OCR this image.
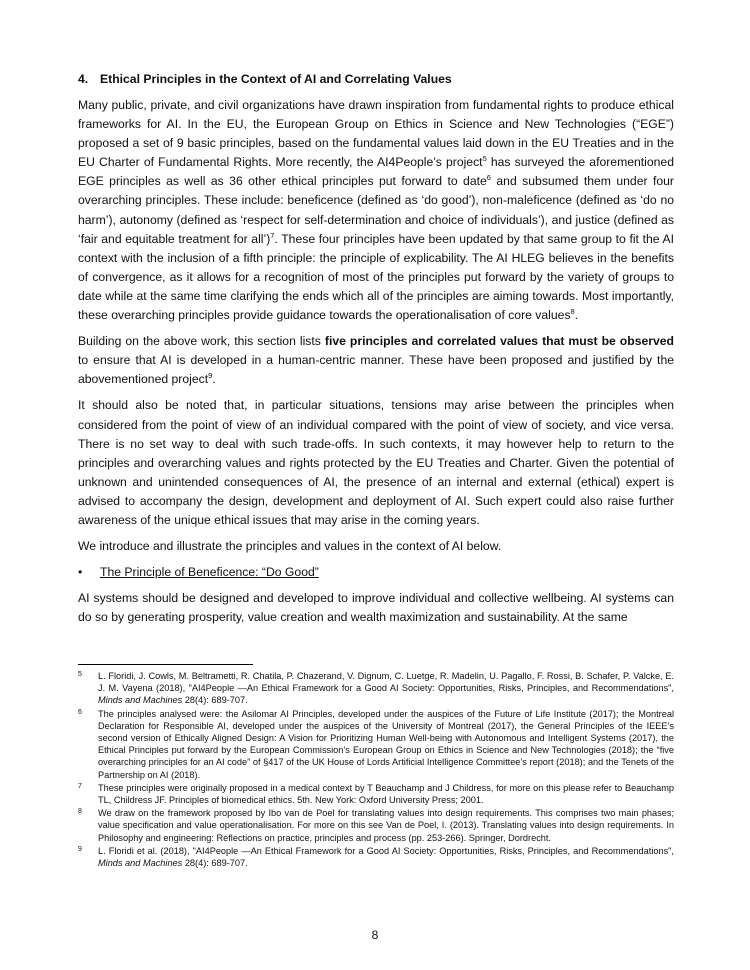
4. Ethical Principles in the Context of AI and Correlating Values

Many public, private, and civil organizations have drawn inspiration from fundamental rights to produce ethical frameworks for AI. In the EU, the European Group on Ethics in Science and New Technologies (“EGE”) proposed a set of 9 basic principles, based on the fundamental values laid down in the EU Treaties and in the EU Charter of Fundamental Rights. More recently, the AI4People’s project$^5$ has surveyed the aforementioned EGE principles as well as 36 other ethical principles put forward to date$^6$ and subsumed them under four overarching principles. These include: beneficence (defined as ‘do good’), non-maleficence (defined as ‘do no harm’), autonomy (defined as ‘respect for self-determination and choice of individuals’), and justice (defined as ‘fair and equitable treatment for all’)$^7$. These four principles have been updated by that same group to fit the AI context with the inclusion of a fifth principle: the principle of explicability. The AI HLEG believes in the benefits of convergence, as it allows for a recognition of most of the principles put forward by the variety of groups to date while at the same time clarifying the ends which all of the principles are aiming towards. Most importantly, these overarching principles provide guidance towards the operationalisation of core values$^8$.

Building on the above work, this section lists five principles and correlated values that must be observed to ensure that AI is developed in a human-centric manner. These have been proposed and justified by the abovementioned project$^9$.

It should also be noted that, in particular situations, tensions may arise between the principles when considered from the point of view of an individual compared with the point of view of society, and vice versa. There is no set way to deal with such trade-offs. In such contexts, it may however help to return to the principles and overarching values and rights protected by the EU Treaties and Charter. Given the potential of unknown and unintended consequences of AI, the presence of an internal and external (ethical) expert is advised to accompany the design, development and deployment of AI. Such expert could also raise further awareness of the unique ethical issues that may arise in the coming years.

We introduce and illustrate the principles and values in the context of AI below.

•	The Principle of Beneficence: “Do Good”

AI systems should be designed and developed to improve individual and collective wellbeing. AI systems can do so by generating prosperity, value creation and wealth maximization and sustainability. At the same

5	L. Floridi, J. Cowls, M. Beltrametti, R. Chatila, P. Chazerand, V. Dignum, C. Luetge, R. Madelin, U. Pagallo, F. Rossi, B. Schafer, P. Valcke, E. J. M. Vayena (2018), "AI4People —An Ethical Framework for a Good AI Society: Opportunities, Risks, Principles, and Recommendations", Minds and Machines 28(4): 689-707.
6	The principles analysed were: the Asilomar AI Principles, developed under the auspices of the Future of Life Institute (2017); the Montreal Declaration for Responsible AI, developed under the auspices of the University of Montreal (2017), the General Principles of the IEEE’s second version of Ethically Aligned Design: A Vision for Prioritizing Human Well-being with Autonomous and Intelligent Systems (2017), the Ethical Principles put forward by the European Commission’s European Group on Ethics in Science and New Technologies (2018); the “five overarching principles for an AI code” of §417 of the UK House of Lords Artificial Intelligence Committee’s report (2018); and the Tenets of the Partnership on AI (2018).
7	These principles were originally proposed in a medical context by T Beauchamp and J Childress, for more on this please refer to Beauchamp TL, Childress JF. Principles of biomedical ethics. 5th. New York: Oxford University Press; 2001.
8	We draw on the framework proposed by Ibo van de Poel for translating values into design requirements. This comprises two main phases; value specification and value operationalisation. For more on this see Van de Poel, I. (2013). Translating values into design requirements. In Philosophy and engineering: Reflections on practice, principles and process (pp. 253-266). Springer, Dordrecht.
9	L. Floridi et al. (2018), "AI4People —An Ethical Framework for a Good AI Society: Opportunities, Risks, Principles, and Recommendations", Minds and Machines 28(4): 689-707.
8
